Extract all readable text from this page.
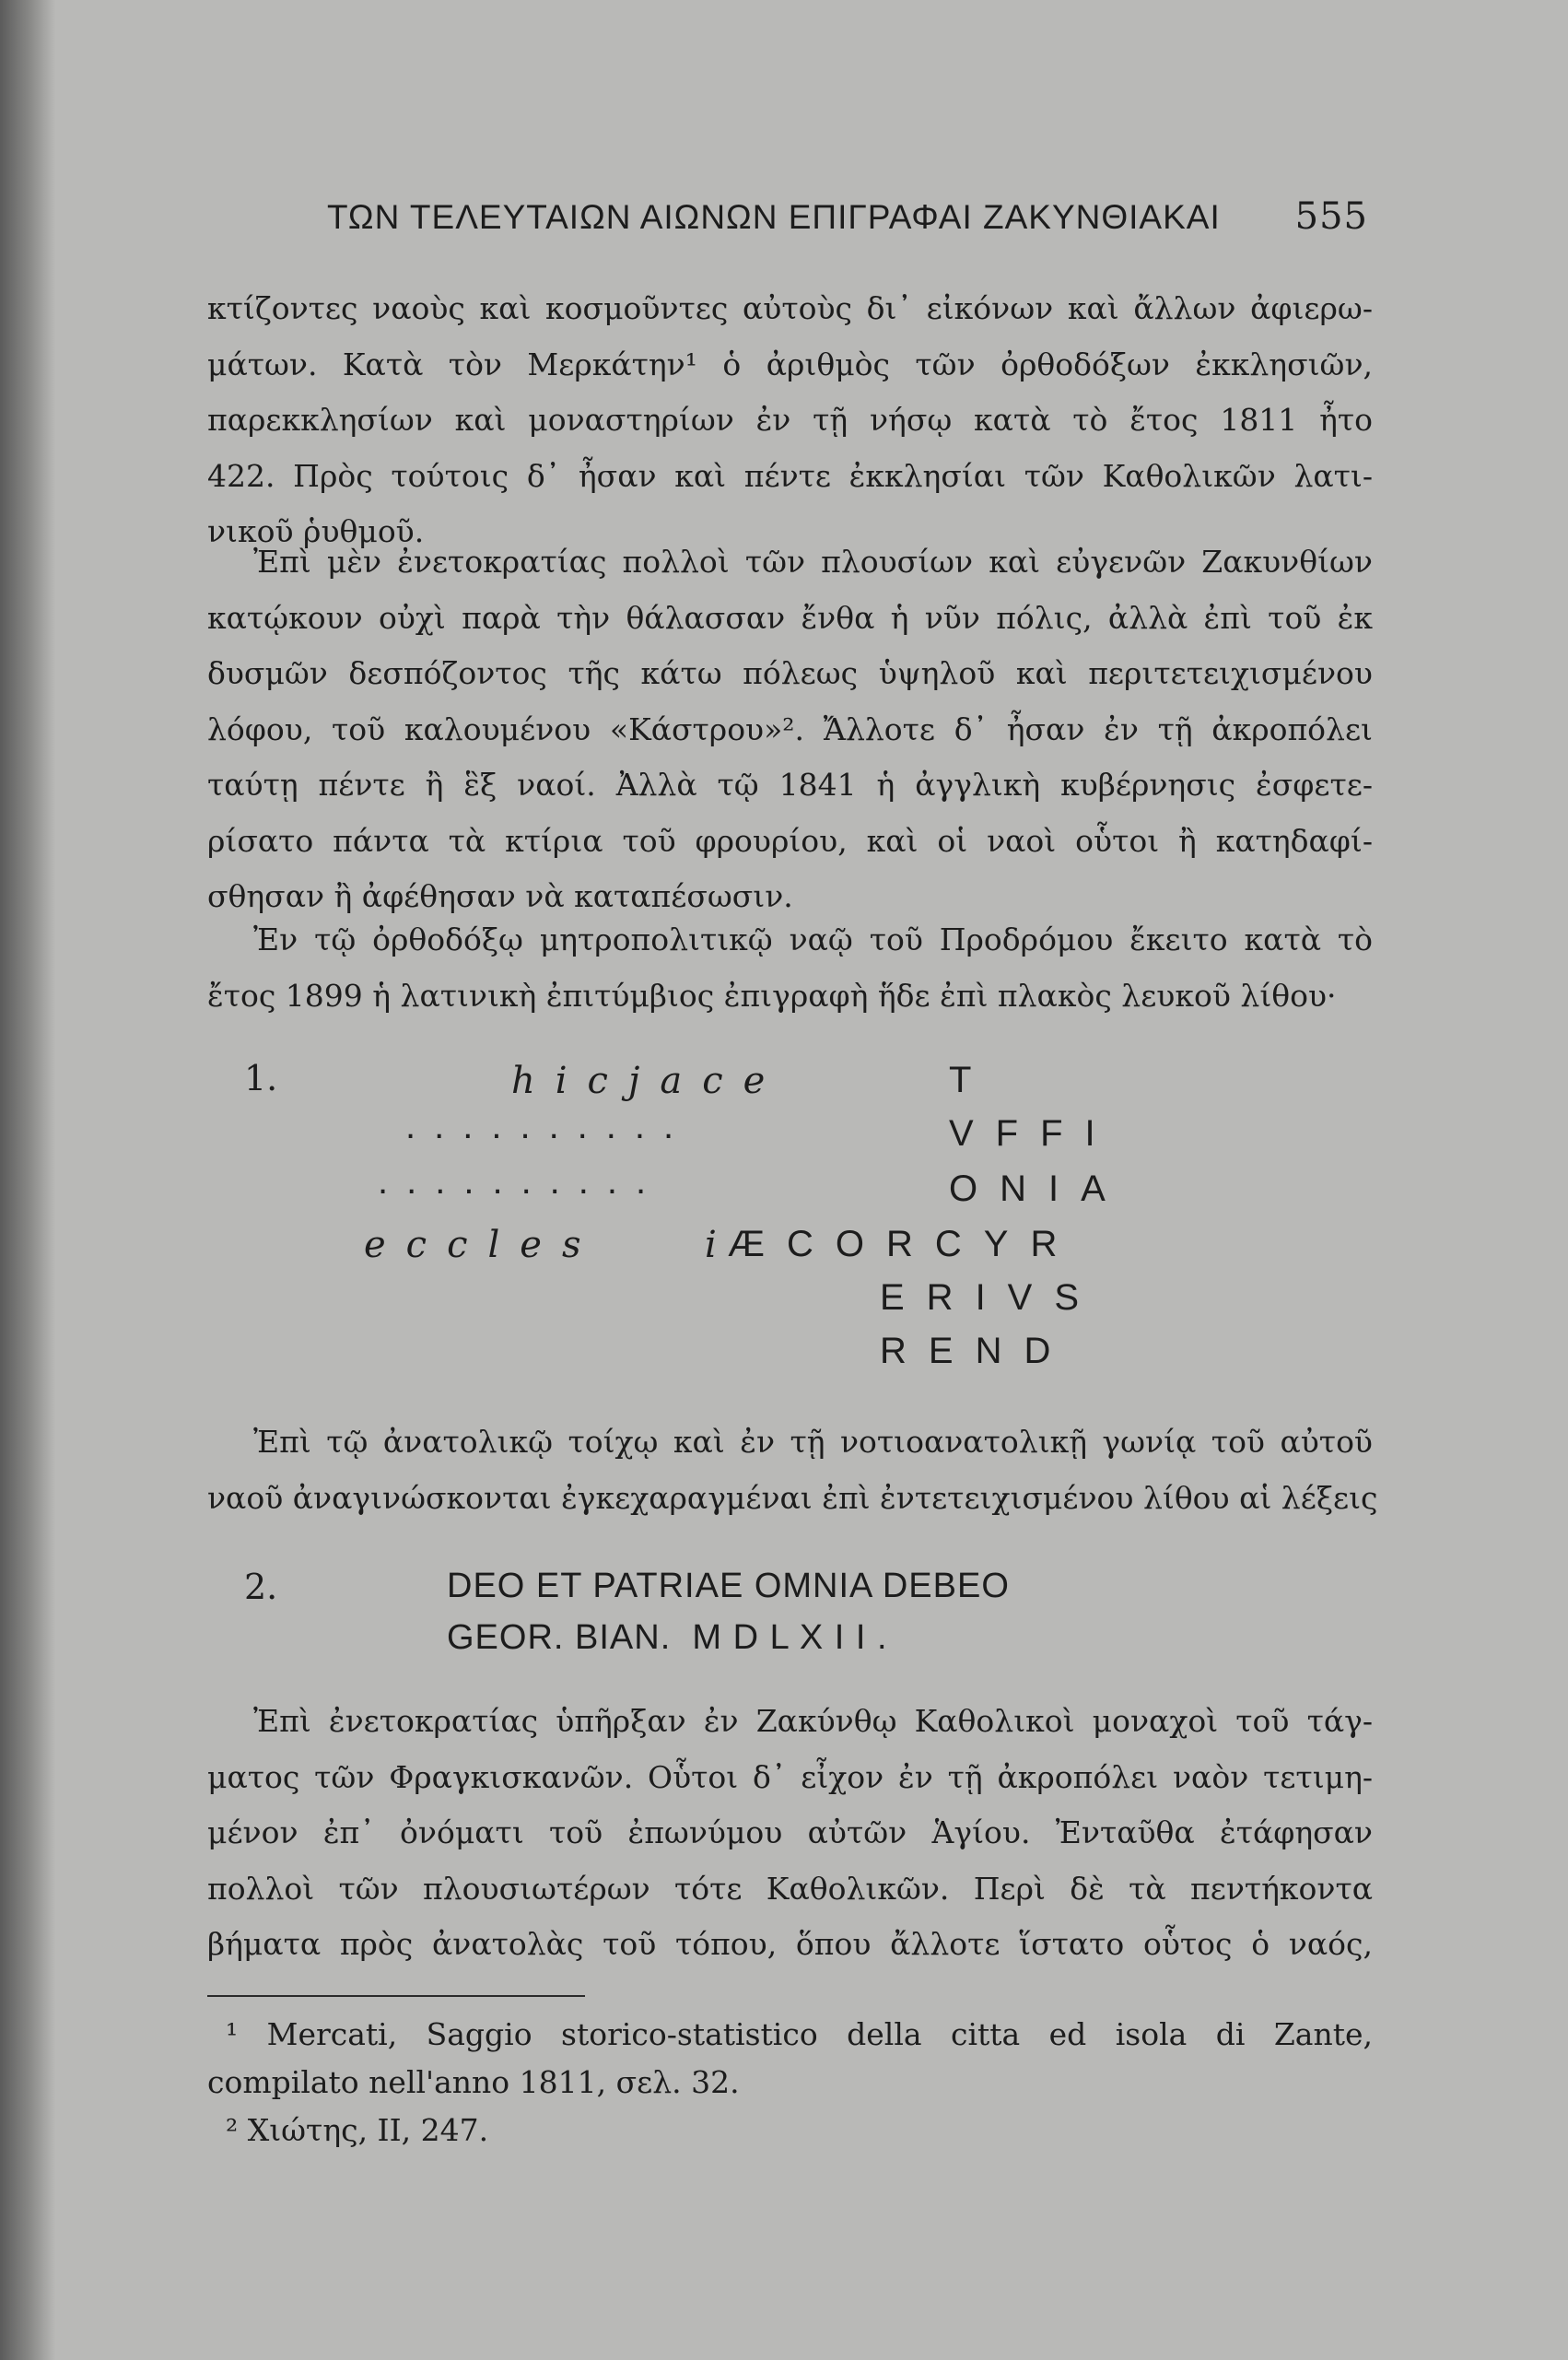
ΤΩΝ ΤΕΛΕΥΤΑΙΩΝ ΑΙΩΝΩΝ ΕΠΙΓΡΑΦΑΙ ΖΑΚΥΝΘΙΑΚΑΙ 555
κτίζοντες ναοὺς καὶ κοσμοῦντες αὐτοὺς δι᾽ εἰκόνων καὶ ἄλλων ἀφιερω-
μάτων. Κατὰ τὸν Μερκάτην¹ ὁ ἀριθμὸς τῶν ὀρθοδόξων ἐκκλησιῶν,
παρεκκλησίων καὶ μοναστηρίων ἐν τῇ νήσῳ κατὰ τὸ ἔτος 1811 ἦτο
422. Πρὸς τούτοις δ᾽ ἦσαν καὶ πέντε ἐκκλησίαι τῶν Καθολικῶν λατι-
νικοῦ ῥυθμοῦ.
Ἐπὶ μὲν ἐνετοκρατίας πολλοὶ τῶν πλουσίων καὶ εὐγενῶν Ζακυνθίων
κατῴκουν οὐχὶ παρὰ τὴν θάλασσαν ἔνθα ἡ νῦν πόλις, ἀλλὰ ἐπὶ τοῦ ἐκ
δυσμῶν δεσπόζοντος τῆς κάτω πόλεως ὑψηλοῦ καὶ περιτετειχισμένου
λόφου, τοῦ καλουμένου «Κάστρου»². Ἄλλοτε δ᾽ ἦσαν ἐν τῇ ἀκροπόλει
ταύτῃ πέντε ἢ ἓξ ναοί. Ἀλλὰ τῷ 1841 ἡ ἀγγλικὴ κυβέρνησις ἐσφετε-
ρίσατο πάντα τὰ κτίρια τοῦ φρουρίου, καὶ οἱ ναοὶ οὗτοι ἢ κατηδαφί-
σθησαν ἢ ἀφέθησαν νὰ καταπέσωσιν.
Ἐν τῷ ὀρθοδόξῳ μητροπολιτικῷ ναῷ τοῦ Προδρόμου ἔκειτο κατὰ τὸ
ἔτος 1899 ἡ λατινικὴ ἐπιτύμβιος ἐπιγραφὴ ἥδε ἐπὶ πλακὸς λευκοῦ λίθου·
1.	hicjace	T
..........	VFFI
..........	ONIA
eccles	i
ÆCORCYR
ERIVS
REND
Ἐπὶ τῷ ἀνατολικῷ τοίχῳ καὶ ἐν τῇ νοτιοανατολικῇ γωνίᾳ τοῦ αὐτοῦ
ναοῦ ἀναγινώσκονται ἐγκεχαραγμέναι ἐπὶ ἐντετειχισμένου λίθου αἱ λέξεις
2.	DEO ET PATRIAE OMNIA DEBEO
GEOR. BIAN.  M D L X I I .
Ἐπὶ ἐνετοκρατίας ὑπῆρξαν ἐν Ζακύνθῳ Καθολικοὶ μοναχοὶ τοῦ τάγ-
ματος τῶν Φραγκισκανῶν. Οὗτοι δ᾽ εἶχον ἐν τῇ ἀκροπόλει ναὸν τετιμη-
μένον ἐπ᾽ ὀνόματι τοῦ ἐπωνύμου αὐτῶν Ἁγίου. Ἐνταῦθα ἐτάφησαν
πολλοὶ τῶν πλουσιωτέρων τότε Καθολικῶν. Περὶ δὲ τὰ πεντήκοντα
βήματα πρὸς ἀνατολὰς τοῦ τόπου, ὅπου ἄλλοτε ἵστατο οὗτος ὁ ναός,
¹ Mercati, Saggio storico-statistico della citta ed isola di Zante,
compilato nell'anno 1811, σελ. 32.
² Χιώτης, II, 247.
